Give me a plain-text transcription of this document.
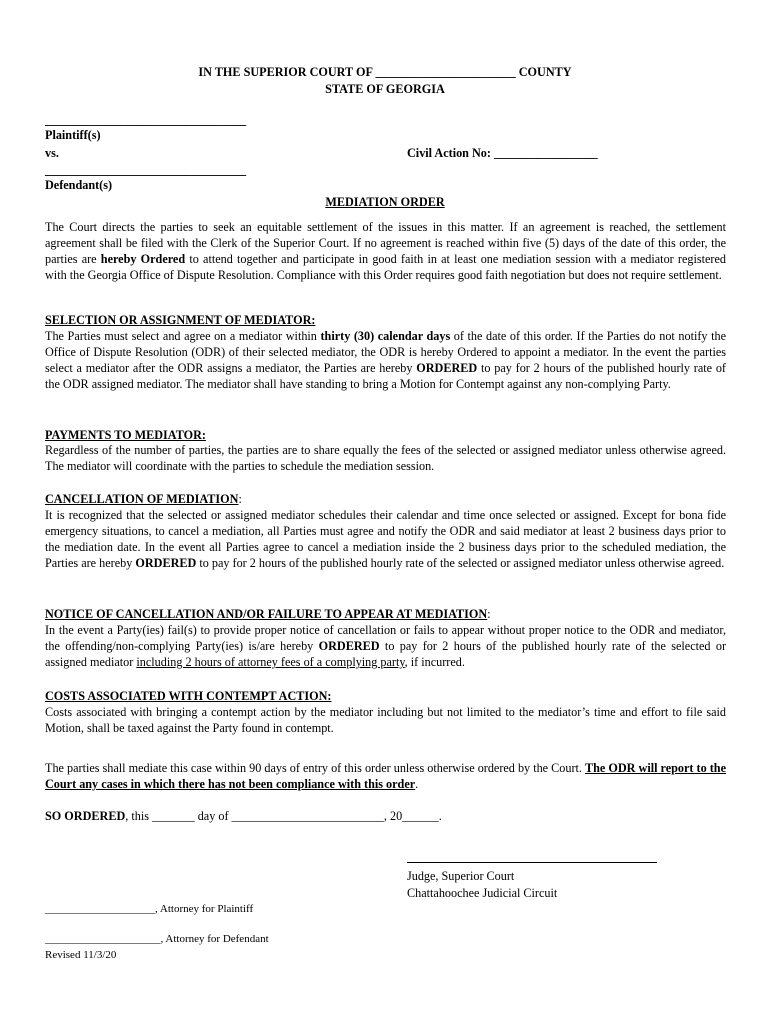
IN THE SUPERIOR COURT OF _______________________ COUNTY
STATE OF GEORGIA
_________________________________
Plaintiff(s)
vs.	Civil Action No: _________________
_________________________________
Defendant(s)
MEDIATION ORDER

The Court directs the parties to seek an equitable settlement of the issues in this matter. If an agreement is reached, the settlement agreement shall be filed with the Clerk of the Superior Court. If no agreement is reached within five (5) days of the date of this order, the parties are hereby Ordered to attend together and participate in good faith in at least one mediation session with a mediator registered with the Georgia Office of Dispute Resolution. Compliance with this Order requires good faith negotiation but does not require settlement.

SELECTION OR ASSIGNMENT OF MEDIATOR:

The Parties must select and agree on a mediator within thirty (30) calendar days of the date of this order. If the Parties do not notify the Office of Dispute Resolution (ODR) of their selected mediator, the ODR is hereby Ordered to appoint a mediator. In the event the parties select a mediator after the ODR assigns a mediator, the Parties are hereby ORDERED to pay for 2 hours of the published hourly rate of the ODR assigned mediator. The mediator shall have standing to bring a Motion for Contempt against any non-complying Party.

PAYMENTS TO MEDIATOR:

Regardless of the number of parties, the parties are to share equally the fees of the selected or assigned mediator unless otherwise agreed. The mediator will coordinate with the parties to schedule the mediation session.

CANCELLATION OF MEDIATION:

It is recognized that the selected or assigned mediator schedules their calendar and time once selected or assigned. Except for bona fide emergency situations, to cancel a mediation, all Parties must agree and notify the ODR and said mediator at least 2 business days prior to the mediation date. In the event all Parties agree to cancel a mediation inside the 2 business days prior to the scheduled mediation, the Parties are hereby ORDERED to pay for 2 hours of the published hourly rate of the selected or assigned mediator unless otherwise agreed.

NOTICE OF CANCELLATION AND/OR FAILURE TO APPEAR AT MEDIATION:

In the event a Party(ies) fail(s) to provide proper notice of cancellation or fails to appear without proper notice to the ODR and mediator, the offending/non-complying Party(ies) is/are hereby ORDERED to pay for 2 hours of the published hourly rate of the selected or assigned mediator including 2 hours of attorney fees of a complying party, if incurred.

COSTS ASSOCIATED WITH CONTEMPT ACTION:

Costs associated with bringing a contempt action by the mediator including but not limited to the mediator’s time and effort to file said Motion, shall be taxed against the Party found in contempt.

The parties shall mediate this case within 90 days of entry of this order unless otherwise ordered by the Court. The ODR will report to the Court any cases in which there has not been compliance with this order.

SO ORDERED, this _______ day of _________________________, 20______.
Judge, Superior Court
Chattahoochee Judicial Circuit
____________________, Attorney for Plaintiff
_____________________, Attorney for Defendant
Revised 11/3/20
